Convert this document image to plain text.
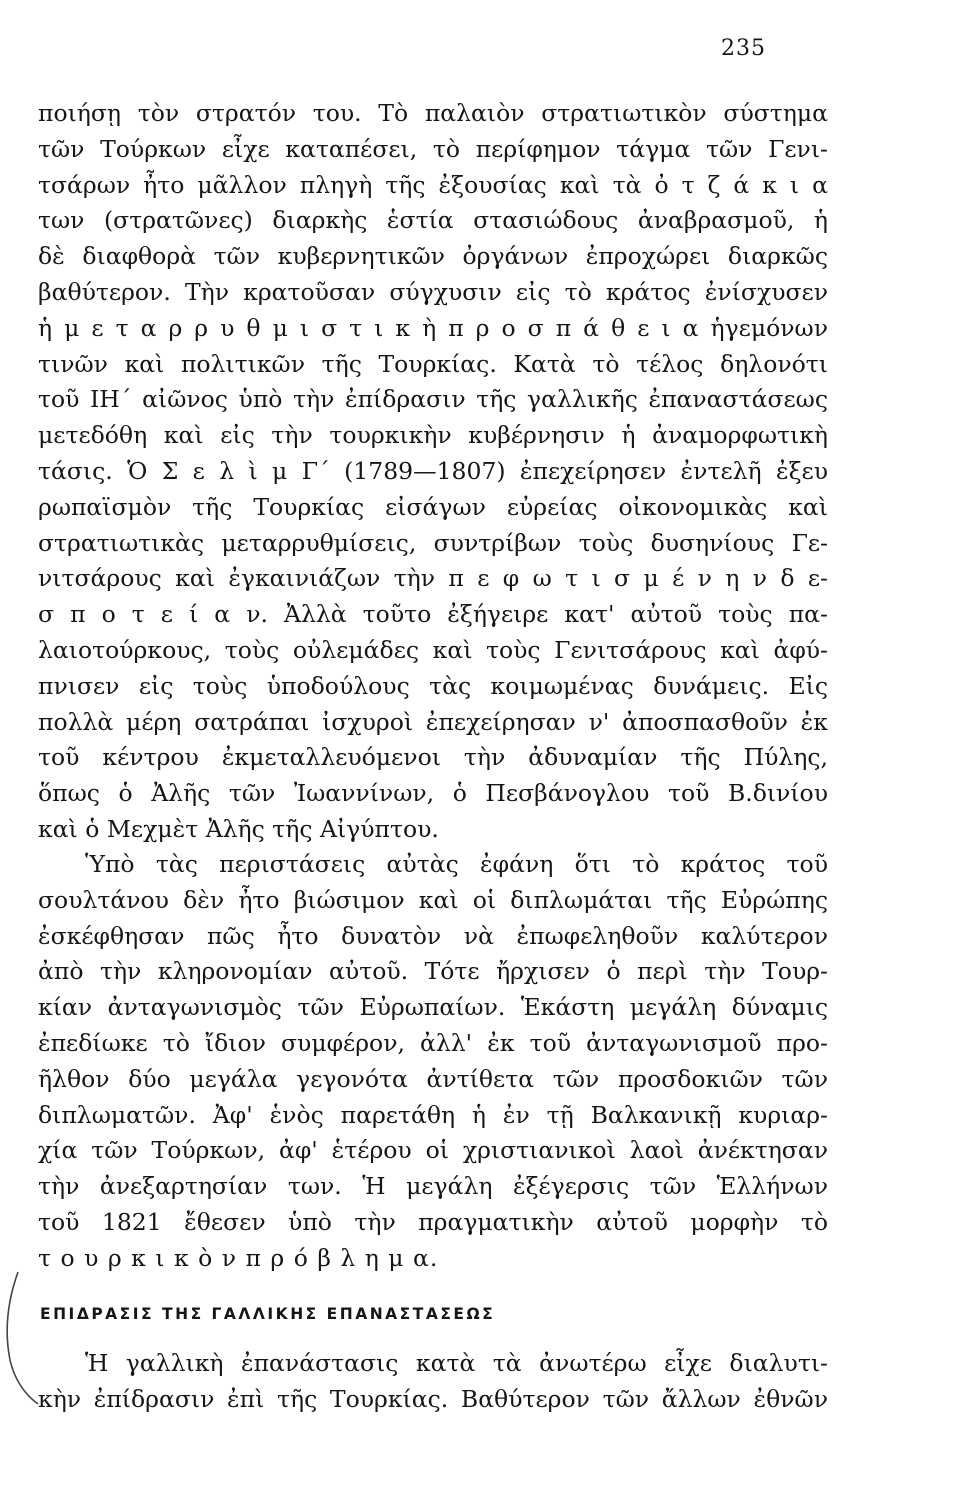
235
ποιήσῃ τὸν στρατόν του. Τὸ παλαιὸν στρατιωτικὸν σύστημα
τῶν Τούρκων εἶχε καταπέσει, τὸ περίφημον τάγμα τῶν Γενι-
τσάρων ἦτο μᾶλλον πληγὴ τῆς ἐξουσίας καὶ τὰ ὀ τ ζ ά κ ι α
των (στρατῶνες) διαρκὴς ἑστία στασιώδους ἀναβρασμοῦ, ἡ
δὲ διαφθορὰ τῶν κυβερνητικῶν ὀργάνων ἐπροχώρει διαρκῶς
βαθύτερον. Τὴν κρατοῦσαν σύγχυσιν εἰς τὸ κράτος ἐνίσχυσεν
ἡ μ ε τ α ρ ρ υ θ μ ι σ τ ι κ ὴ π ρ ο σ π ά θ ε ι α ἡγεμόνων
τινῶν καὶ πολιτικῶν τῆς Τουρκίας. Κατὰ τὸ τέλος δηλονότι
τοῦ ΙΗ΄ αἰῶνος ὑπὸ τὴν ἐπίδρασιν τῆς γαλλικῆς ἐπαναστάσεως
μετεδόθη καὶ εἰς τὴν τουρκικὴν κυβέρνησιν ἡ ἀναμορφωτικὴ
τάσις. Ὁ Σ ε λ ὶ μ Γ΄ (1789—1807) ἐπεχείρησεν ἐντελῆ ἐξευ
ρωπαϊσμὸν τῆς Τουρκίας εἰσάγων εὐρείας οἰκονομικὰς καὶ
στρατιωτικὰς μεταρρυθμίσεις, συντρίβων τοὺς δυσηνίους Γε-
νιτσάρους καὶ ἐγκαινιάζων τὴν π ε φ ω τ ι σ μ έ ν η ν δ ε-
σ π ο τ ε ί α ν. Ἀλλὰ τοῦτο ἐξήγειρε κατ' αὐτοῦ τοὺς πα-
λαιοτούρκους, τοὺς οὐλεμάδες καὶ τοὺς Γενιτσάρους καὶ ἀφύ-
πνισεν εἰς τοὺς ὑποδούλους τὰς κοιμωμένας δυνάμεις. Εἰς
πολλὰ μέρη σατράπαι ἰσχυροὶ ἐπεχείρησαν ν' ἀποσπασθοῦν ἐκ
τοῦ κέντρου ἐκμεταλλευόμενοι τὴν ἀδυναμίαν τῆς Πύλης,
ὅπως ὁ Ἀλῆς τῶν Ἰωαννίνων, ὁ Πεσβάνογλου τοῦ Β.δινίου
καὶ ὁ Μεχμὲτ Ἀλῆς τῆς Αἰγύπτου.
Ὑπὸ τὰς περιστάσεις αὐτὰς ἐφάνη ὅτι τὸ κράτος τοῦ
σουλτάνου δὲν ἦτο βιώσιμον καὶ οἱ διπλωμάται τῆς Εὐρώπης
ἐσκέφθησαν πῶς ἦτο δυνατὸν νὰ ἐπωφεληθοῦν καλύτερον
ἀπὸ τὴν κληρονομίαν αὐτοῦ. Τότε ἤρχισεν ὁ περὶ τὴν Τουρ-
κίαν ἀνταγωνισμὸς τῶν Εὐρωπαίων. Ἑκάστη μεγάλη δύναμις
ἐπεδίωκε τὸ ἴδιον συμφέρον, ἀλλ' ἐκ τοῦ ἀνταγωνισμοῦ προ-
ῆλθον δύο μεγάλα γεγονότα ἀντίθετα τῶν προσδοκιῶν τῶν
διπλωματῶν. Ἀφ' ἑνὸς παρετάθη ἡ ἐν τῇ Βαλκανικῇ κυριαρ-
χία τῶν Τούρκων, ἀφ' ἑτέρου οἱ χριστιανικοὶ λαοὶ ἀνέκτησαν
τὴν ἀνεξαρτησίαν των. Ἡ μεγάλη ἐξέγερσις τῶν Ἑλλήνων
τοῦ 1821 ἔθεσεν ὑπὸ τὴν πραγματικὴν αὐτοῦ μορφὴν τὸ
τ ο υ ρ κ ι κ ὸ ν π ρ ό β λ η μ α.
ΕΠΙΔΡΑΣΙΣ ΤΗΣ ΓΑΛΛΙΚΗΣ ΕΠΑΝΑΣΤΑΣΕΩΣ
Ἡ γαλλικὴ ἐπανάστασις κατὰ τὰ ἀνωτέρω εἶχε διαλυτι-
κὴν ἐπίδρασιν ἐπὶ τῆς Τουρκίας. Βαθύτερον τῶν ἄλλων ἐθνῶν
